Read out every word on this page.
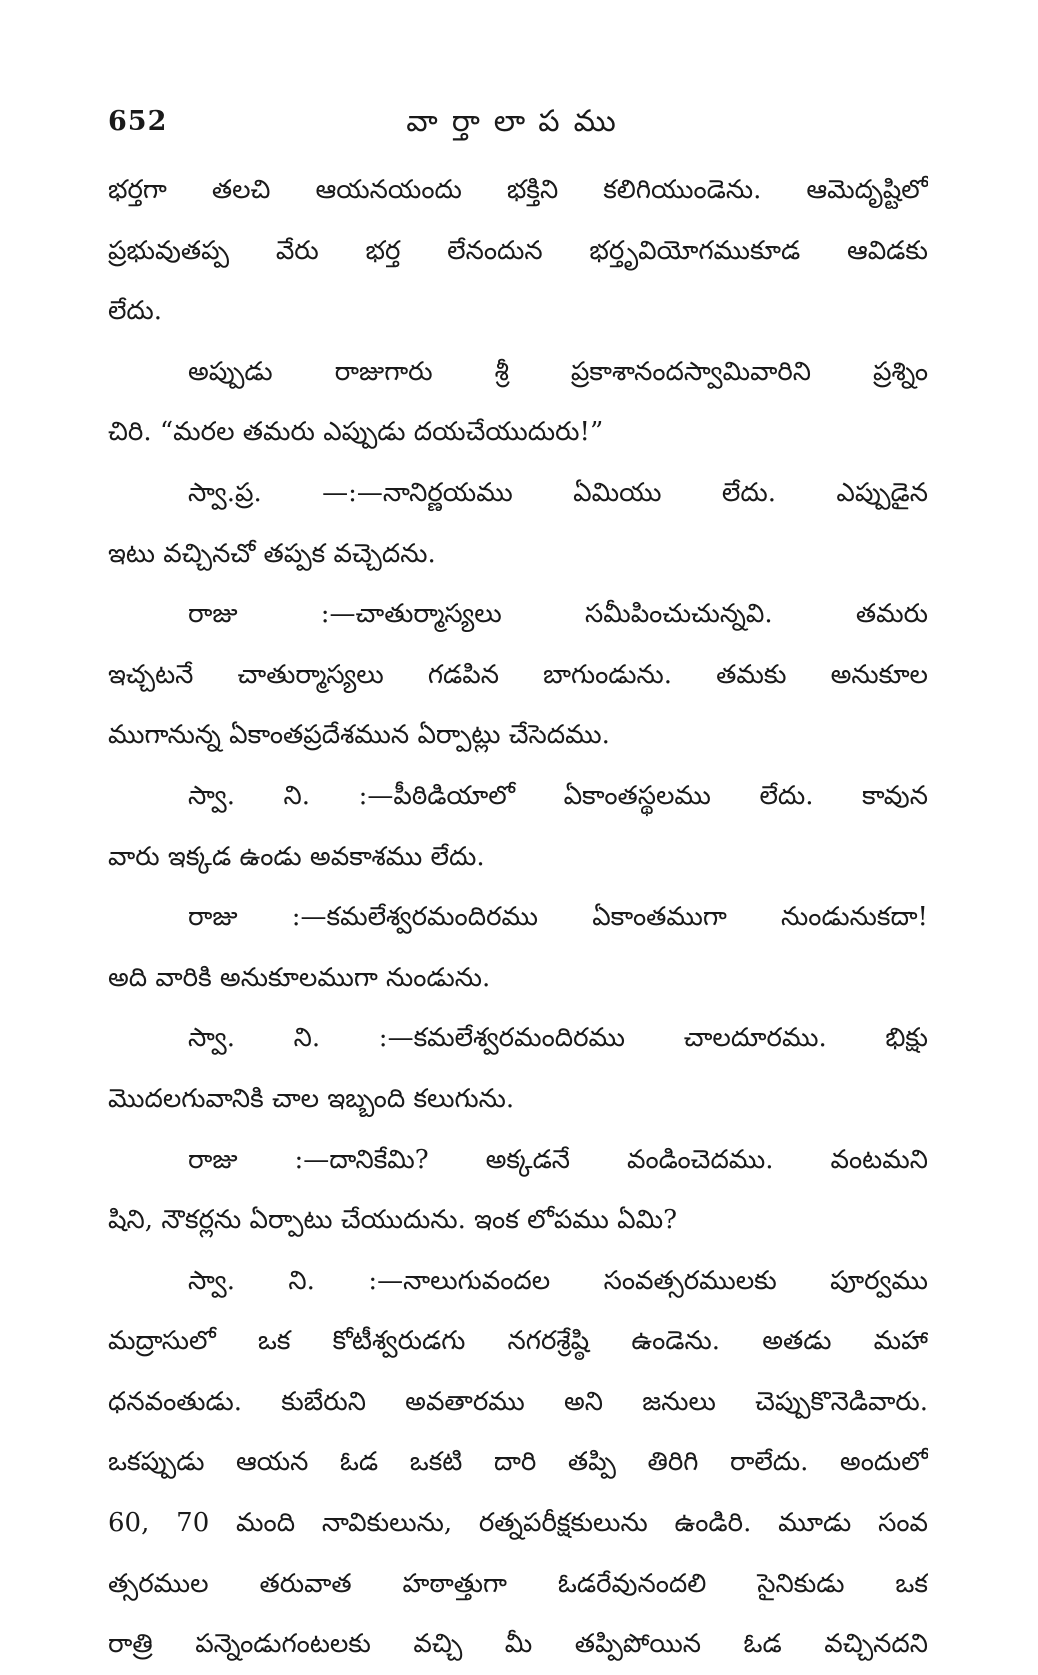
652	వార్తాలాపము
భర్తగా తలచి ఆయనయందు భక్తిని కలిగియుండెను. ఆమెదృష్టిలో
ప్రభువుతప్ప వేరు భర్త లేనందున భర్తృవియోగముకూడ ఆవిడకు
లేదు.
అప్పుడు రాజుగారు శ్రీ ప్రకాశానందస్వామివారిని ప్రశ్నిం
చిరి. “మరల తమరు ఎప్పుడు దయచేయుదురు!”
స్వా.ప్ర. —:—నానిర్ణయము ఏమియు లేదు. ఎప్పుడైన
ఇటు వచ్చినచో తప్పక వచ్చెదను.
రాజు :—చాతుర్మాస్యలు సమీపించుచున్నవి. తమరు
ఇచ్చటనే చాతుర్మాస్యలు గడపిన బాగుండును. తమకు అనుకూల
ముగానున్న ఏకాంతప్రదేశమున ఏర్పాట్లు చేసెదము.
స్వా. ని. :—పీఠిడియాలో ఏకాంతస్థలము లేదు. కావున
వారు ఇక్కడ ఉండు అవకాశము లేదు.
రాజు :—కమలేశ్వరమందిరము ఏకాంతముగా నుండునుకదా!
అది వారికి అనుకూలముగా నుండును.
స్వా. ని. :—కమలేశ్వరమందిరము చాలదూరము. భిక్షు
మొదలగువానికి చాల ఇబ్బంది కలుగును.
రాజు :—దానికేమి? అక్కడనే వండించెదము. వంటమని
షిని, నౌకర్లను ఏర్పాటు చేయుదును. ఇంక లోపము ఏమి?
స్వా. ని. :—నాలుగువందల సంవత్సరములకు పూర్వము
మద్రాసులో ఒక కోటీశ్వరుడగు నగరశ్రేష్ఠి ఉండెను. అతడు మహా
ధనవంతుడు. కుబేరుని అవతారము అని జనులు చెప్పుకొనెడివారు.
ఒకప్పుడు ఆయన ఓడ ఒకటి దారి తప్పి తిరిగి రాలేదు. అందులో
60, 70 మంది నావికులును, రత్నపరీక్షకులును ఉండిరి. మూడు సంవ
త్సరముల తరువాత హఠాత్తుగా ఓడరేవునందలి సైనికుడు ఒక
రాత్రి పన్నెండుగంటలకు వచ్చి మీ తప్పిపోయిన ఓడ వచ్చినదని
